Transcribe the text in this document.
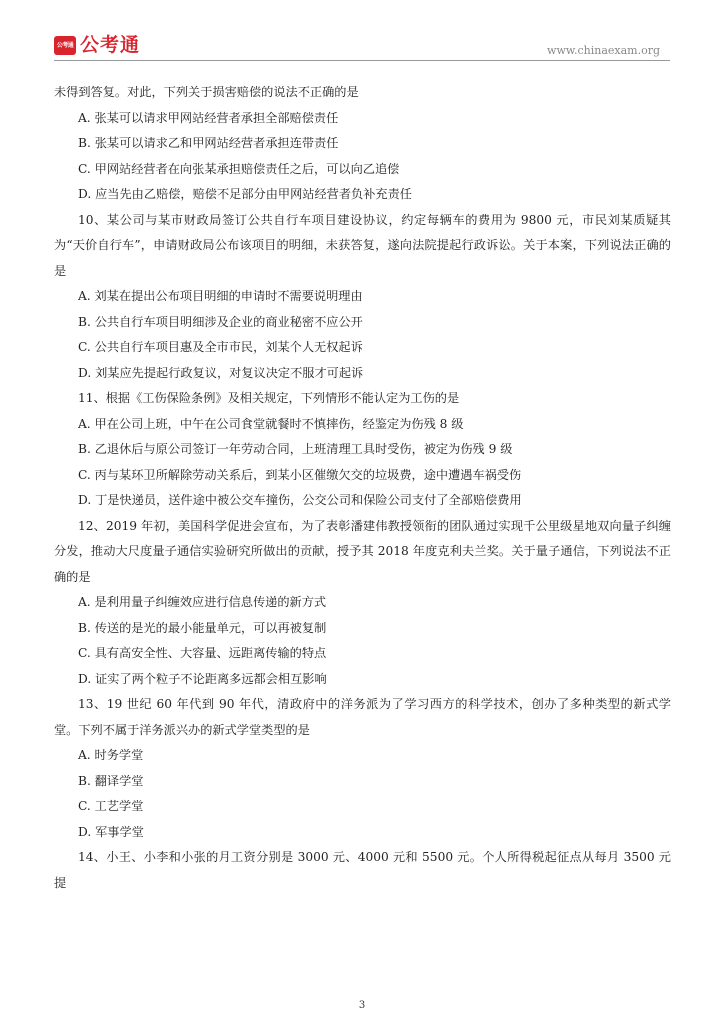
公考通 公考通	www.chinaexam.org

未得到答复。对此，下列关于损害赔偿的说法不正确的是

A. 张某可以请求甲网站经营者承担全部赔偿责任

B. 张某可以请求乙和甲网站经营者承担连带责任

C. 甲网站经营者在向张某承担赔偿责任之后，可以向乙追偿

D. 应当先由乙赔偿，赔偿不足部分由甲网站经营者负补充责任

10、某公司与某市财政局签订公共自行车项目建设协议，约定每辆车的费用为 9800 元，市民刘某质疑其为“天价自行车”，申请财政局公布该项目的明细，未获答复，遂向法院提起行政诉讼。关于本案，下列说法正确的是

A. 刘某在提出公布项目明细的申请时不需要说明理由

B. 公共自行车项目明细涉及企业的商业秘密不应公开

C. 公共自行车项目惠及全市市民，刘某个人无权起诉

D. 刘某应先提起行政复议，对复议决定不服才可起诉

11、根据《工伤保险条例》及相关规定，下列情形不能认定为工伤的是

A. 甲在公司上班，中午在公司食堂就餐时不慎摔伤，经鉴定为伤残 8 级

B. 乙退休后与原公司签订一年劳动合同，上班清理工具时受伤，被定为伤残 9 级

C. 丙与某环卫所解除劳动关系后，到某小区催缴欠交的垃圾费，途中遭遇车祸受伤

D. 丁是快递员，送件途中被公交车撞伤，公交公司和保险公司支付了全部赔偿费用

12、2019 年初，美国科学促进会宣布，为了表彰潘建伟教授领衔的团队通过实现千公里级星地双向量子纠缠分发，推动大尺度量子通信实验研究所做出的贡献，授予其 2018 年度克利夫兰奖。关于量子通信，下列说法不正确的是

A. 是利用量子纠缠效应进行信息传递的新方式

B. 传送的是光的最小能量单元，可以再被复制

C. 具有高安全性、大容量、远距离传输的特点

D. 证实了两个粒子不论距离多远都会相互影响

13、19 世纪 60 年代到 90 年代，清政府中的洋务派为了学习西方的科学技术，创办了多种类型的新式学堂。下列不属于洋务派兴办的新式学堂类型的是

A. 时务学堂

B. 翻译学堂

C. 工艺学堂

D. 军事学堂

14、小王、小李和小张的月工资分别是 3000 元、4000 元和 5500 元。个人所得税起征点从每月 3500 元提

3
